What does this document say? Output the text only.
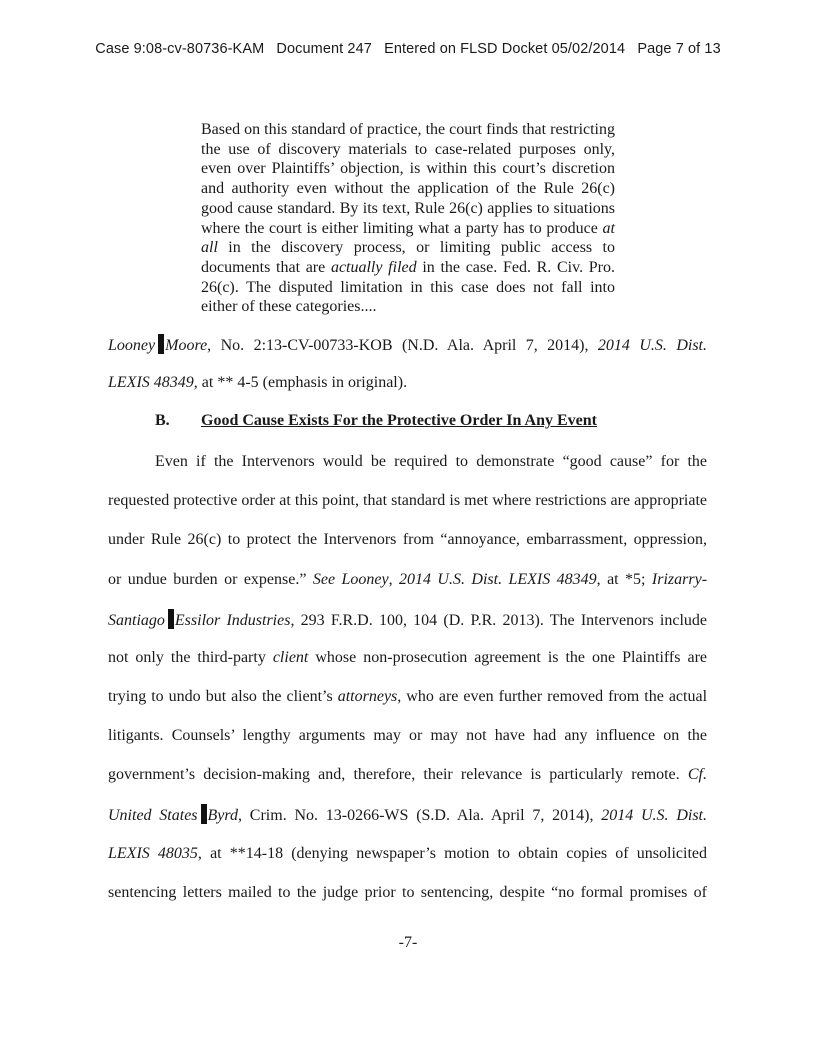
Case 9:08-cv-80736-KAM Document 247 Entered on FLSD Docket 05/02/2014 Page 7 of 13
Based on this standard of practice, the court finds that restricting the use of discovery materials to case-related purposes only, even over Plaintiffs’ objection, is within this court’s discretion and authority even without the application of the Rule 26(c) good cause standard. By its text, Rule 26(c) applies to situations where the court is either limiting what a party has to produce at all in the discovery process, or limiting public access to documents that are actually filed in the case. Fed. R. Civ. Pro. 26(c). The disputed limitation in this case does not fall into either of these categories....
Looney Moore, No. 2:13-CV-00733-KOB (N.D. Ala. April 7, 2014), 2014 U.S. Dist.
LEXIS 48349, at ** 4-5 (emphasis in original).
B. Good Cause Exists For the Protective Order In Any Event
Even if the Intervenors would be required to demonstrate “good cause” for the
requested protective order at this point, that standard is met where restrictions are appropriate
under Rule 26(c) to protect the Intervenors from “annoyance, embarrassment, oppression,
or undue burden or expense.” See Looney, 2014 U.S. Dist. LEXIS 48349, at *5; Irizarry-
Santiago Essilor Industries, 293 F.R.D. 100, 104 (D. P.R. 2013). The Intervenors include
not only the third-party client whose non-prosecution agreement is the one Plaintiffs are
trying to undo but also the client’s attorneys, who are even further removed from the actual
litigants. Counsels’ lengthy arguments may or may not have had any influence on the
government’s decision-making and, therefore, their relevance is particularly remote. Cf.
United States Byrd, Crim. No. 13-0266-WS (S.D. Ala. April 7, 2014), 2014 U.S. Dist.
LEXIS 48035, at **14-18 (denying newspaper’s motion to obtain copies of unsolicited
sentencing letters mailed to the judge prior to sentencing, despite “no formal promises of
-7-
